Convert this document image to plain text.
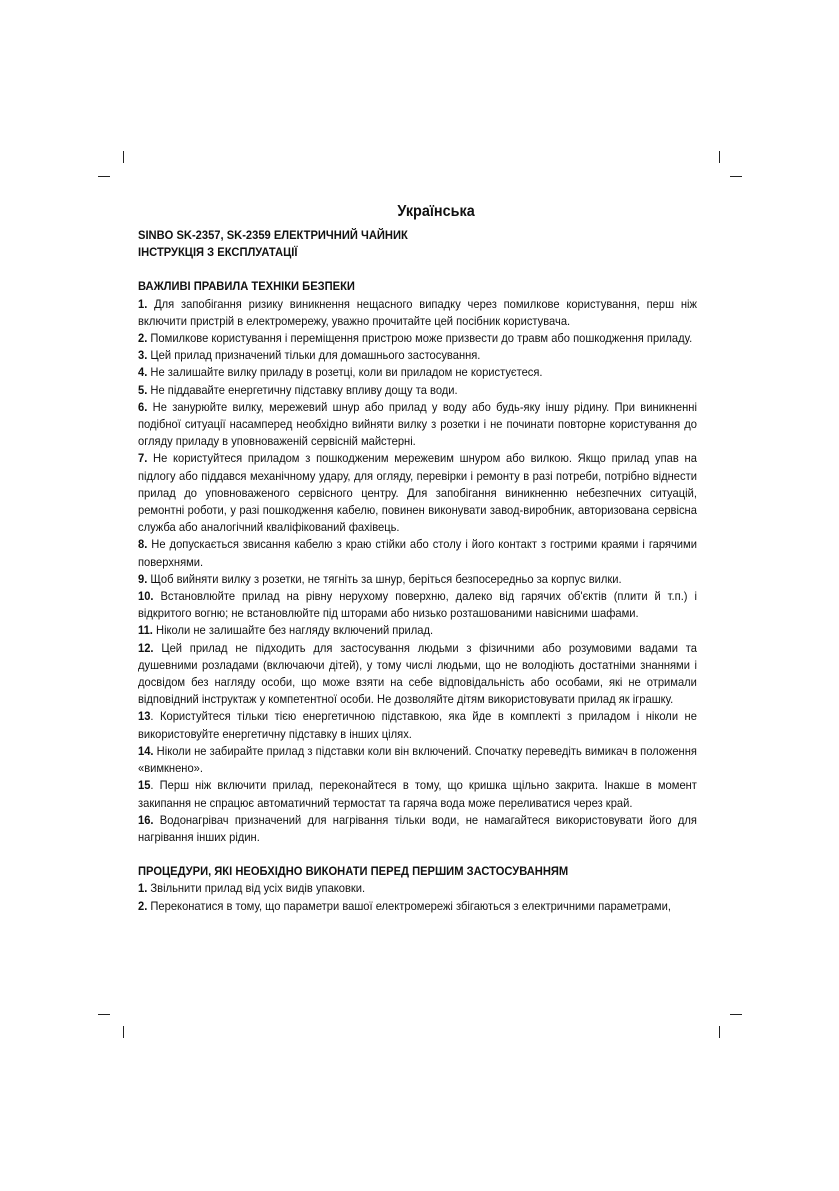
Українська

SINBO SK-2357, SK-2359 ЕЛЕКТРИЧНИЙ ЧАЙНИК

ІНСТРУКЦІЯ З ЕКСПЛУАТАЦІЇ

ВАЖЛИВІ ПРАВИЛА ТЕХНІКИ БЕЗПЕКИ

1. Для запобігання ризику виникнення нещасного випадку через помилкове користування, перш ніж включити пристрій в електромережу, уважно прочитайте цей посібник користувача.

2. Помилкове користування і переміщення пристрою може призвести до травм або пошкодження приладу.

3. Цей прилад призначений тільки для домашнього застосування.

4. Не залишайте вилку приладу в розетці, коли ви приладом не користуєтеся.

5. Не піддавайте енергетичну підставку впливу дощу та води.

6. Не занурюйте вилку, мережевий шнур або прилад у воду або будь-яку іншу рідину. При виникненні подібної ситуації насамперед необхідно вийняти вилку з розетки і не починати повторне користування до огляду приладу в уповноваженій сервісній майстерні.

7. Не користуйтеся приладом з пошкодженим мережевим шнуром або вилкою. Якщо прилад упав на підлогу або піддався механічному удару, для огляду, перевірки і ремонту в разі потреби, потрібно віднести прилад до уповноваженого сервісного центру. Для запобігання виникненню небезпечних ситуацій, ремонтні роботи, у разі пошкодження кабелю, повинен виконувати завод-виробник, авторизована сервісна служба або аналогічний кваліфікований фахівець.

8. Не допускається звисання кабелю з краю стійки або столу і його контакт з гострими краями і гарячими поверхнями.

9. Щоб вийняти вилку з розетки, не тягніть за шнур, беріться безпосередньо за корпус вилки.

10. Встановлюйте прилад на рівну нерухому поверхню, далеко від гарячих об'єктів (плити й т.п.) і відкритого вогню; не встановлюйте під шторами або низько розташованими навісними шафами.

11. Ніколи не залишайте без нагляду включений прилад.

12. Цей прилад не підходить для застосування людьми з фізичними або розумовими вадами та душевними розладами (включаючи дітей), у тому числі людьми, що не володіють достатніми знаннями і досвідом без нагляду особи, що може взяти на себе відповідальність або особами, які не отримали відповідний інструктаж у компетентної особи. Не дозволяйте дітям використовувати прилад як іграшку.

13. Користуйтеся тільки тією енергетичною підставкою, яка йде в комплекті з приладом і ніколи не використовуйте енергетичну підставку в інших цілях.

14. Ніколи не забирайте прилад з підставки коли він включений. Спочатку переведіть вимикач в положення «вимкнено».

15. Перш ніж включити прилад, переконайтеся в тому, що кришка щільно закрита. Інакше в момент закипання не спрацює автоматичний термостат та гаряча вода може переливатися через край.

16. Водонагрівач призначений для нагрівання тільки води, не намагайтеся використовувати його для нагрівання інших рідин.

ПРОЦЕДУРИ, ЯКІ НЕОБХІДНО ВИКОНАТИ ПЕРЕД ПЕРШИМ ЗАСТОСУВАННЯМ

1. Звільнити прилад від усіх видів упаковки.

2. Переконатися в тому, що параметри вашої електромережі збігаються з електричними параметрами,
